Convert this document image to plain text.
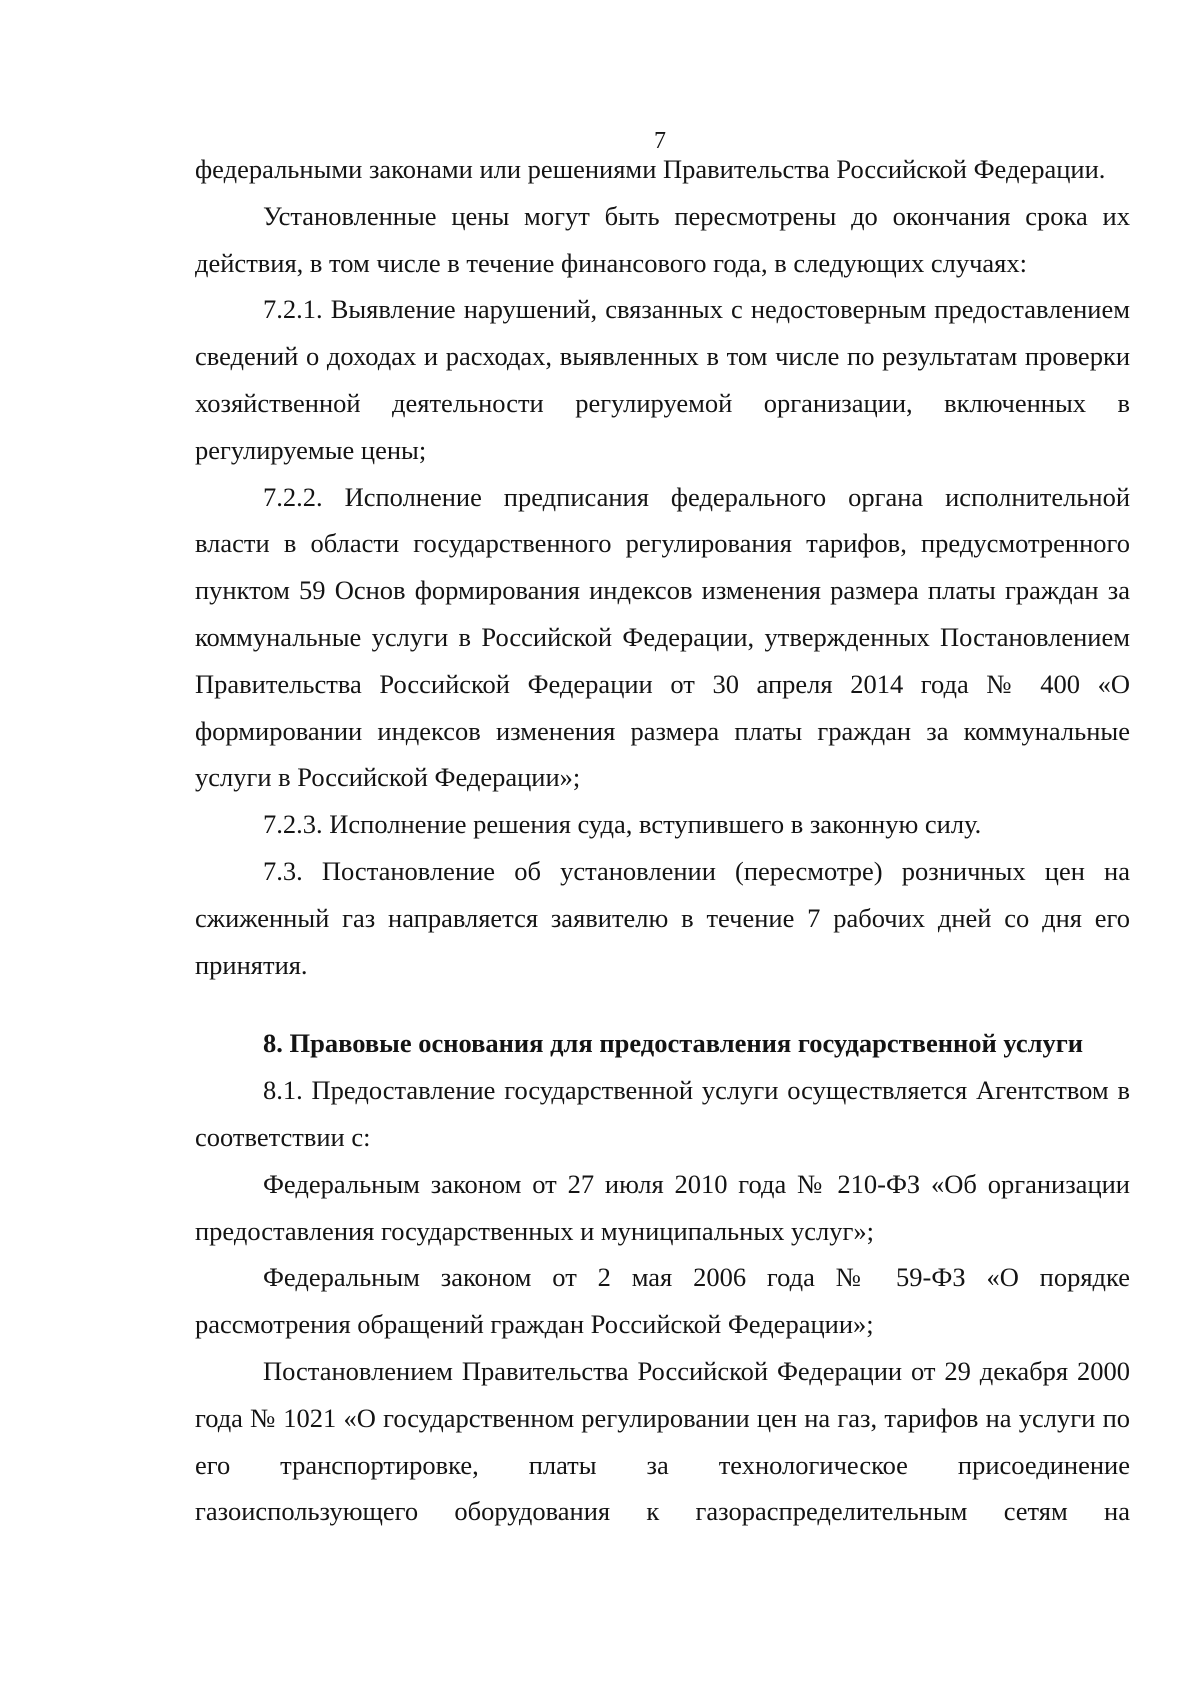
7

федеральными законами или решениями Правительства Российской Федерации.

Установленные цены могут быть пересмотрены до окончания срока их действия, в том числе в течение финансового года, в следующих случаях:

7.2.1. Выявление нарушений, связанных с недостоверным предоставлением сведений о доходах и расходах, выявленных в том числе по результатам проверки хозяйственной деятельности регулируемой организации, включенных в регулируемые цены;

7.2.2. Исполнение предписания федерального органа исполнительной власти в области государственного регулирования тарифов, предусмотренного пунктом 59 Основ формирования индексов изменения размера платы граждан за коммунальные услуги в Российской Федерации, утвержденных Постановлением Правительства Российской Федерации от 30 апреля 2014 года № 400 «О формировании индексов изменения размера платы граждан за коммунальные услуги в Российской Федерации»;

7.2.3. Исполнение решения суда, вступившего в законную силу.

7.3. Постановление об установлении (пересмотре) розничных цен на сжиженный газ направляется заявителю в течение 7 рабочих дней со дня его принятия.

8. Правовые основания для предоставления государственной услуги

8.1. Предоставление государственной услуги осуществляется Агентством в соответствии с:

Федеральным законом от 27 июля 2010 года № 210-ФЗ «Об организации предоставления государственных и муниципальных услуг»;

Федеральным законом от 2 мая 2006 года № 59-ФЗ «О порядке рассмотрения обращений граждан Российской Федерации»;

Постановлением Правительства Российской Федерации от 29 декабря 2000 года № 1021 «О государственном регулировании цен на газ, тарифов на услуги по его транспортировке, платы за технологическое присоединение газоиспользующего оборудования к газораспределительным сетям на
